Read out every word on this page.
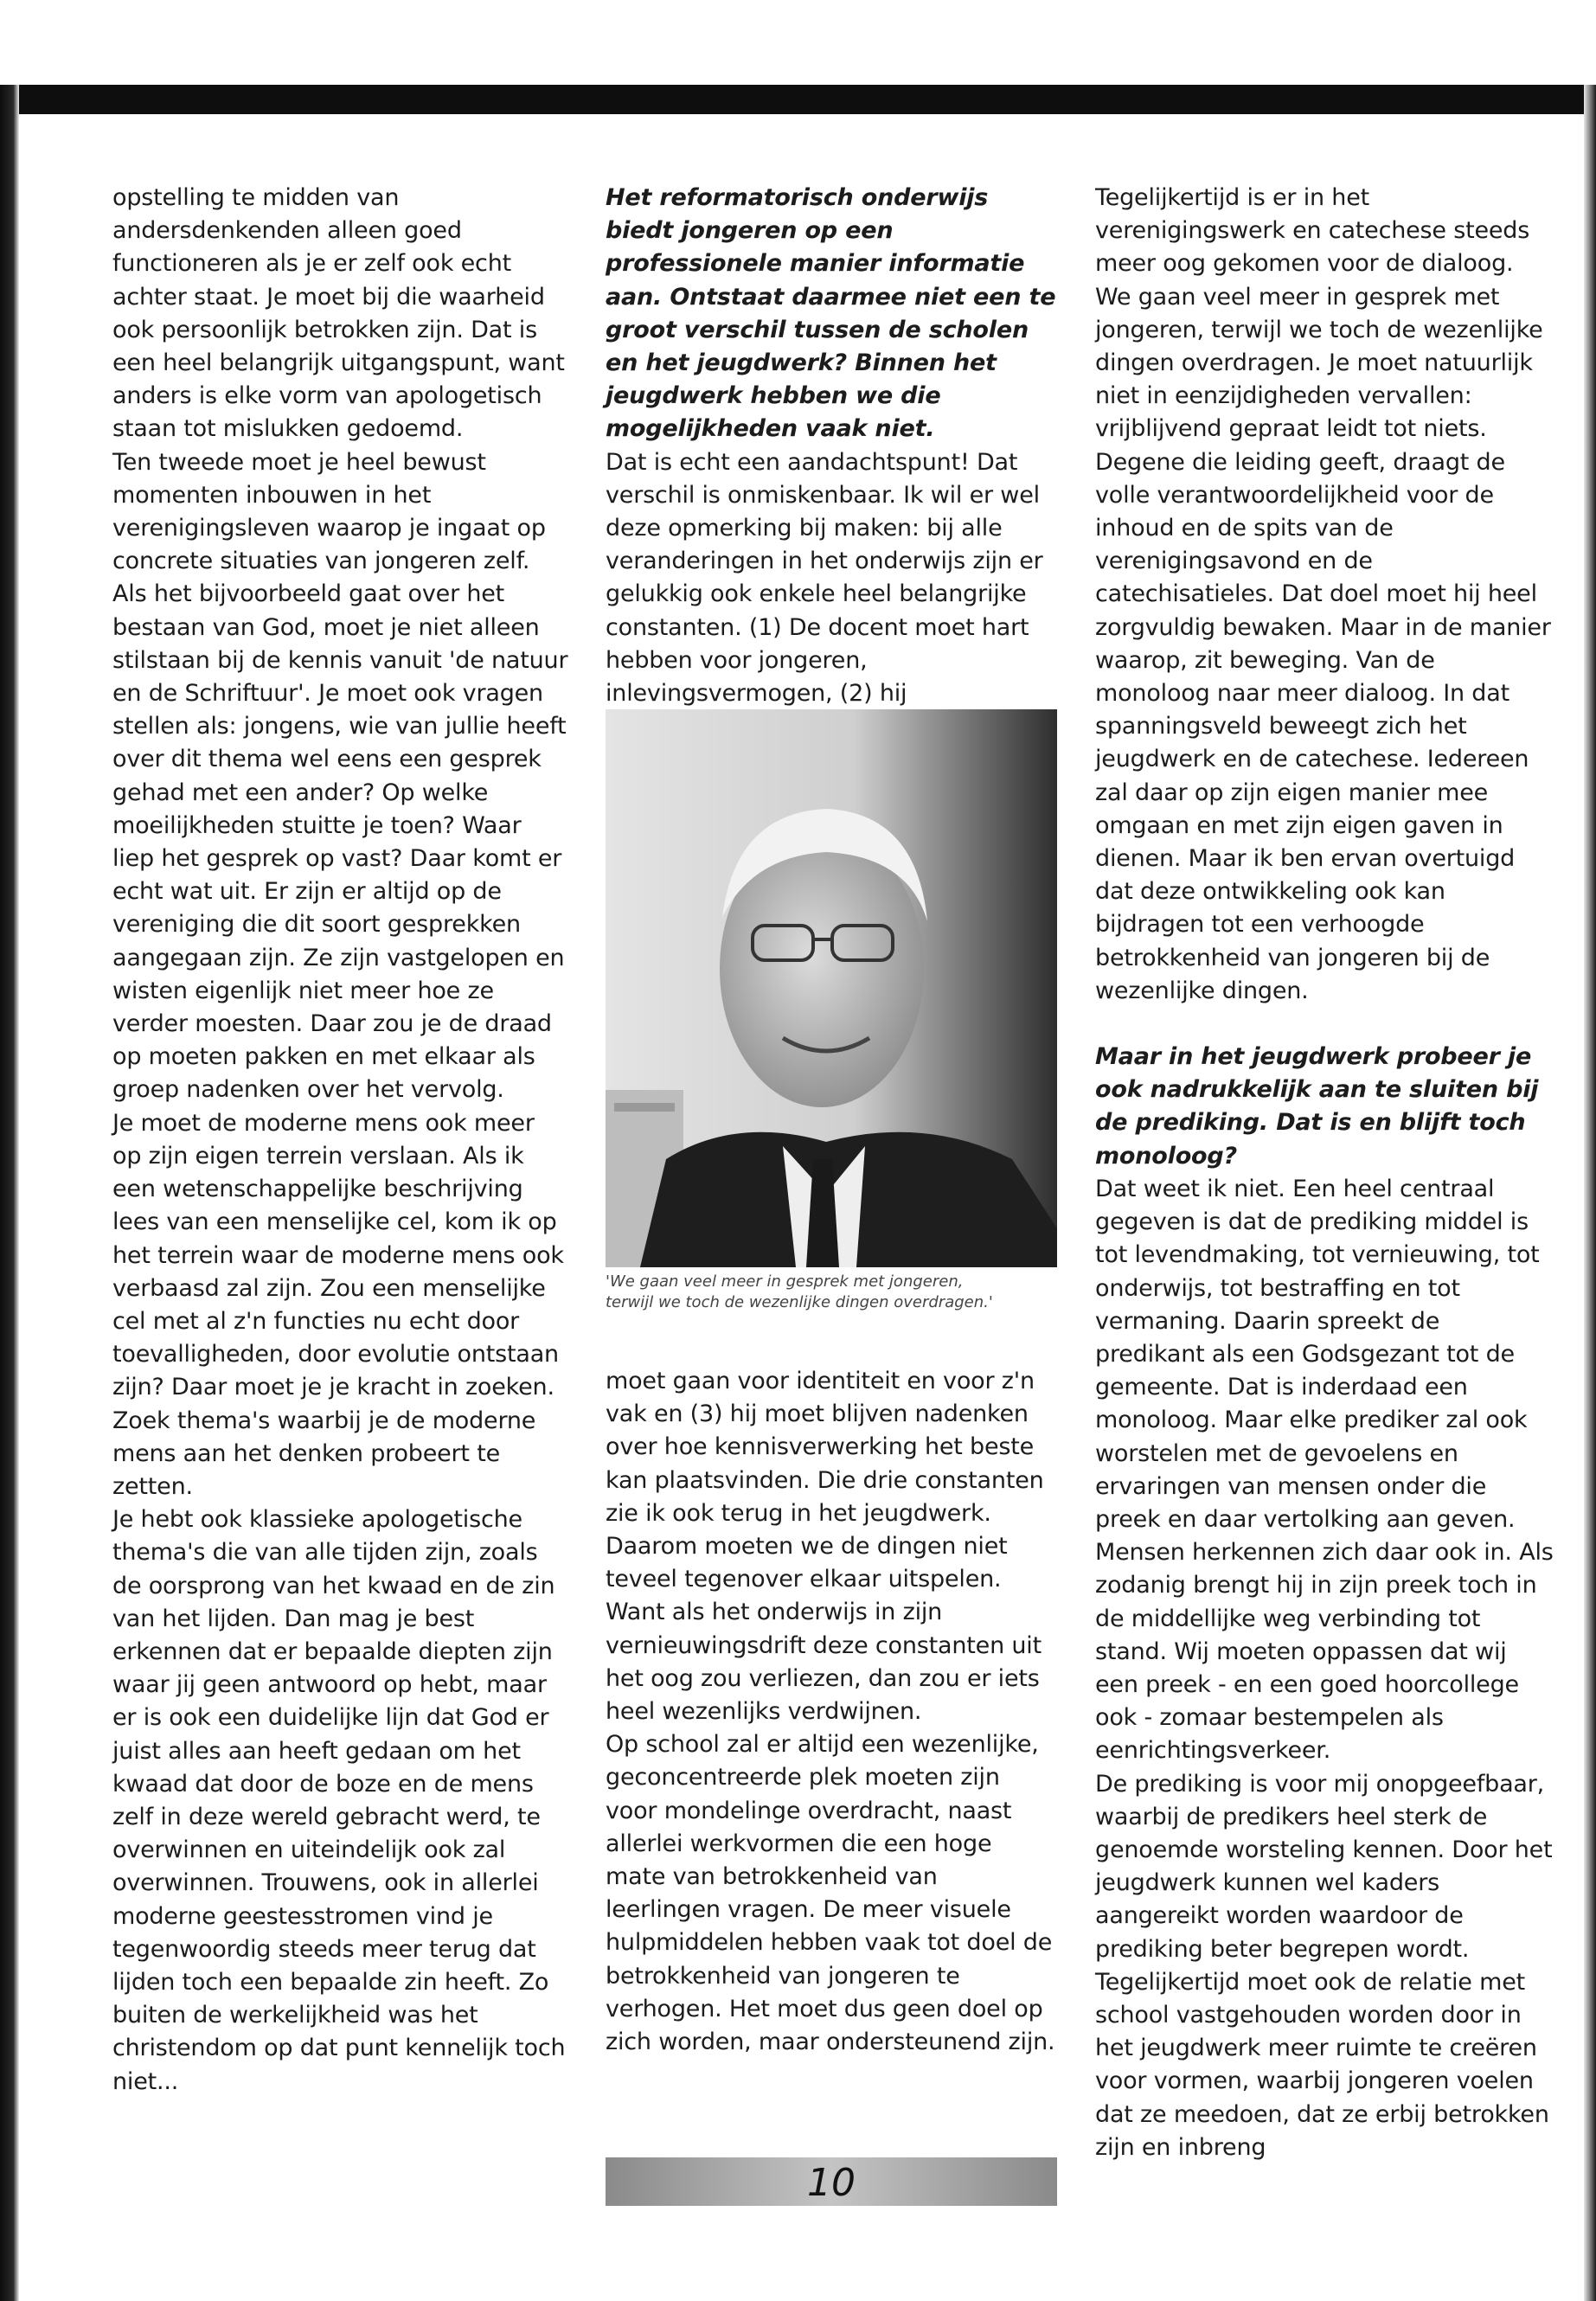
opstelling te midden van andersdenkenden alleen goed functioneren als je er zelf ook echt achter staat. Je moet bij die waarheid ook persoonlijk betrokken zijn. Dat is een heel belangrijk uitgangspunt, want anders is elke vorm van apologetisch staan tot mislukken gedoemd.

Ten tweede moet je heel bewust momenten inbouwen in het verenigingsleven waarop je ingaat op concrete situaties van jongeren zelf. Als het bijvoorbeeld gaat over het bestaan van God, moet je niet alleen stilstaan bij de kennis vanuit 'de natuur en de Schriftuur'. Je moet ook vragen stellen als: jongens, wie van jullie heeft over dit thema wel eens een gesprek gehad met een ander? Op welke moeilijkheden stuitte je toen? Waar liep het gesprek op vast? Daar komt er echt wat uit. Er zijn er altijd op de vereniging die dit soort gesprekken aangegaan zijn. Ze zijn vastgelopen en wisten eigenlijk niet meer hoe ze verder moesten. Daar zou je de draad op moeten pakken en met elkaar als groep nadenken over het vervolg.

Je moet de moderne mens ook meer op zijn eigen terrein verslaan. Als ik een wetenschappelijke beschrijving lees van een menselijke cel, kom ik op het terrein waar de moderne mens ook verbaasd zal zijn. Zou een menselijke cel met al z'n functies nu echt door toevalligheden, door evolutie ontstaan zijn? Daar moet je je kracht in zoeken. Zoek thema's waarbij je de moderne mens aan het denken probeert te zetten.

Je hebt ook klassieke apologetische thema's die van alle tijden zijn, zoals de oorsprong van het kwaad en de zin van het lijden. Dan mag je best erkennen dat er bepaalde diepten zijn waar jij geen antwoord op hebt, maar er is ook een duidelijke lijn dat God er juist alles aan heeft gedaan om het kwaad dat door de boze en de mens zelf in deze wereld gebracht werd, te overwinnen en uiteindelijk ook zal overwinnen. Trouwens, ook in allerlei moderne geestesstromen vind je tegenwoordig steeds meer terug dat lijden toch een bepaalde zin heeft. Zo buiten de werkelijkheid was het christendom op dat punt kennelijk toch niet...

Het reformatorisch onderwijs biedt jongeren op een professionele manier informatie aan. Ontstaat daarmee niet een te groot verschil tussen de scholen en het jeugdwerk? Binnen het jeugdwerk hebben we die mogelijkheden vaak niet.

Dat is echt een aandachtspunt! Dat verschil is onmiskenbaar. Ik wil er wel deze opmerking bij maken: bij alle veranderingen in het onderwijs zijn er gelukkig ook enkele heel belangrijke constanten. (1) De docent moet hart hebben voor jongeren, inlevingsvermogen, (2) hij

'We gaan veel meer in gesprek met jongeren, terwijl we toch de wezenlijke dingen overdragen.'

moet gaan voor identiteit en voor z'n vak en (3) hij moet blijven nadenken over hoe kennisverwerking het beste kan plaatsvinden. Die drie constanten zie ik ook terug in het jeugdwerk. Daarom moeten we de dingen niet teveel tegenover elkaar uitspelen. Want als het onderwijs in zijn vernieuwingsdrift deze constanten uit het oog zou verliezen, dan zou er iets heel wezenlijks verdwijnen.

Op school zal er altijd een wezenlijke, geconcentreerde plek moeten zijn voor mondelinge overdracht, naast allerlei werkvormen die een hoge mate van betrokkenheid van leerlingen vragen. De meer visuele hulpmiddelen hebben vaak tot doel de betrokkenheid van jongeren te verhogen. Het moet dus geen doel op zich worden, maar ondersteunend zijn.

Tegelijkertijd is er in het verenigingswerk en catechese steeds meer oog gekomen voor de dialoog. We gaan veel meer in gesprek met jongeren, terwijl we toch de wezenlijke dingen overdragen. Je moet natuurlijk niet in eenzijdigheden vervallen: vrijblijvend gepraat leidt tot niets. Degene die leiding geeft, draagt de volle verantwoordelijkheid voor de inhoud en de spits van de verenigingsavond en de catechisatieles. Dat doel moet hij heel zorgvuldig bewaken. Maar in de manier waarop, zit beweging. Van de monoloog naar meer dialoog. In dat spanningsveld beweegt zich het jeugdwerk en de catechese. Iedereen zal daar op zijn eigen manier mee omgaan en met zijn eigen gaven in dienen. Maar ik ben ervan overtuigd dat deze ontwikkeling ook kan bijdragen tot een verhoogde betrokkenheid van jongeren bij de wezenlijke dingen.

Maar in het jeugdwerk probeer je ook nadrukkelijk aan te sluiten bij de prediking. Dat is en blijft toch monoloog?

Dat weet ik niet. Een heel centraal gegeven is dat de prediking middel is tot levendmaking, tot vernieuwing, tot onderwijs, tot bestraffing en tot vermaning. Daarin spreekt de predikant als een Godsgezant tot de gemeente. Dat is inderdaad een monoloog. Maar elke prediker zal ook worstelen met de gevoelens en ervaringen van mensen onder die preek en daar vertolking aan geven. Mensen herkennen zich daar ook in. Als zodanig brengt hij in zijn preek toch in de middellijke weg verbinding tot stand. Wij moeten oppassen dat wij een preek - en een goed hoorcollege ook - zomaar bestempelen als eenrichtingsverkeer.

De prediking is voor mij onopgeefbaar, waarbij de predikers heel sterk de genoemde worsteling kennen. Door het jeugdwerk kunnen wel kaders aangereikt worden waardoor de prediking beter begrepen wordt. Tegelijkertijd moet ook de relatie met school vastgehouden worden door in het jeugdwerk meer ruimte te creëren voor vormen, waarbij jongeren voelen dat ze meedoen, dat ze erbij betrokken zijn en inbreng

10
